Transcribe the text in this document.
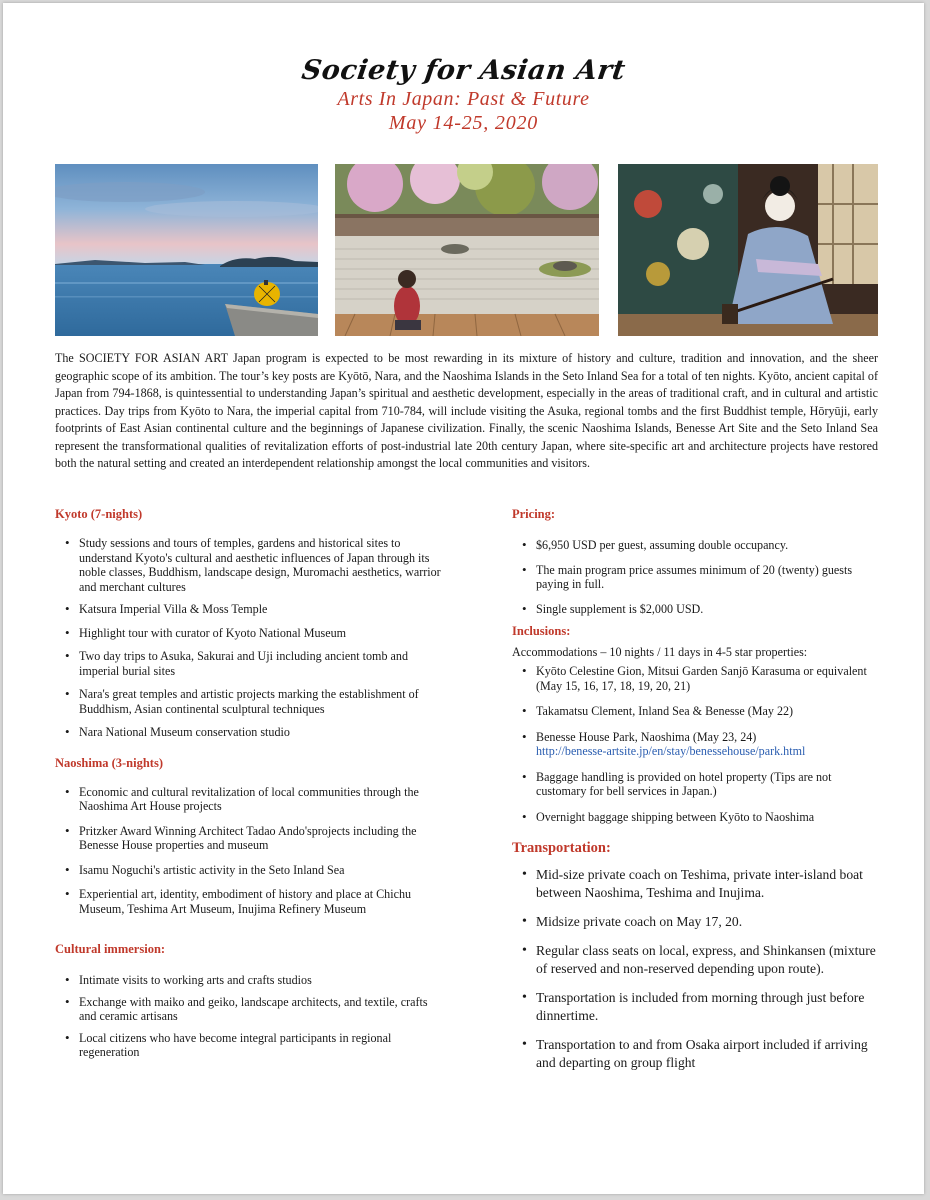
Society for Asian Art
Arts In Japan: Past & Future
May 14-25, 2020

The SOCIETY FOR ASIAN ART Japan program is expected to be most rewarding in its mixture of history and culture, tradition and innovation, and the sheer geographic scope of its ambition. The tour’s key posts are Kyōtō, Nara, and the Naoshima Islands in the Seto Inland Sea for a total of ten nights. Kyōto, ancient capital of Japan from 794-1868, is quintessential to understanding Japan’s spiritual and aesthetic development, especially in the areas of traditional craft, and in cultural and artistic practices. Day trips from Kyōto to Nara, the imperial capital from 710-784, will include visiting the Asuka, regional tombs and the first Buddhist temple, Hōryūji, early footprints of East Asian continental culture and the beginnings of Japanese civilization. Finally, the scenic Naoshima Islands, Benesse Art Site and the Seto Inland Sea represent the transformational qualities of revitalization efforts of post-industrial late 20th century Japan, where site-specific art and architecture projects have restored both the natural setting and created an interdependent relationship amongst the local communities and visitors.

Kyoto (7-nights)
• Study sessions and tours of temples, gardens and historical sites to understand Kyoto's cultural and aesthetic influences of Japan through its noble classes, Buddhism, landscape design, Muromachi aesthetics, warrior and merchant cultures
• Katsura Imperial Villa & Moss Temple
• Highlight tour with curator of Kyoto National Museum
• Two day trips to Asuka, Sakurai and Uji including ancient tomb and imperial burial sites
• Nara's great temples and artistic projects marking the establishment of Buddhism, Asian continental sculptural techniques
• Nara National Museum conservation studio
Naoshima (3-nights)
• Economic and cultural revitalization of local communities through the Naoshima Art House projects
• Pritzker Award Winning Architect Tadao Ando'sprojects including the Benesse House properties and museum
• Isamu Noguchi's artistic activity in the Seto Inland Sea
• Experiential art, identity, embodiment of history and place at Chichu Museum, Teshima Art Museum, Inujima Refinery Museum
Cultural immersion:
• Intimate visits to working arts and crafts studios
• Exchange with maiko and geiko, landscape architects, and textile, crafts and ceramic artisans
• Local citizens who have become integral participants in regional regeneration
Pricing:
• $6,950 USD per guest, assuming double occupancy.
• The main program price assumes minimum of 20 (twenty) guests paying in full.
• Single supplement is $2,000 USD.
Inclusions:

Accommodations – 10 nights / 11 days in 4-5 star properties:

• Kyōto Celestine Gion, Mitsui Garden Sanjō Karasuma or equivalent (May 15, 16, 17, 18, 19, 20, 21)
• Takamatsu Clement, Inland Sea & Benesse (May 22)
• Benesse House Park, Naoshima (May 23, 24)
http://benesse-artsite.jp/en/stay/benessehouse/park.html
• Baggage handling is provided on hotel property (Tips are not customary for bell services in Japan.)
• Overnight baggage shipping between Kyōto to Naoshima
Transportation:
• Mid-size private coach on Teshima, private inter-island boat between Naoshima, Teshima and Inujima.
• Midsize private coach on May 17, 20.
• Regular class seats on local, express, and Shinkansen (mixture of reserved and non-reserved depending upon route).
• Transportation is included from morning through just before dinnertime.
• Transportation to and from Osaka airport included if arriving and departing on group flight
